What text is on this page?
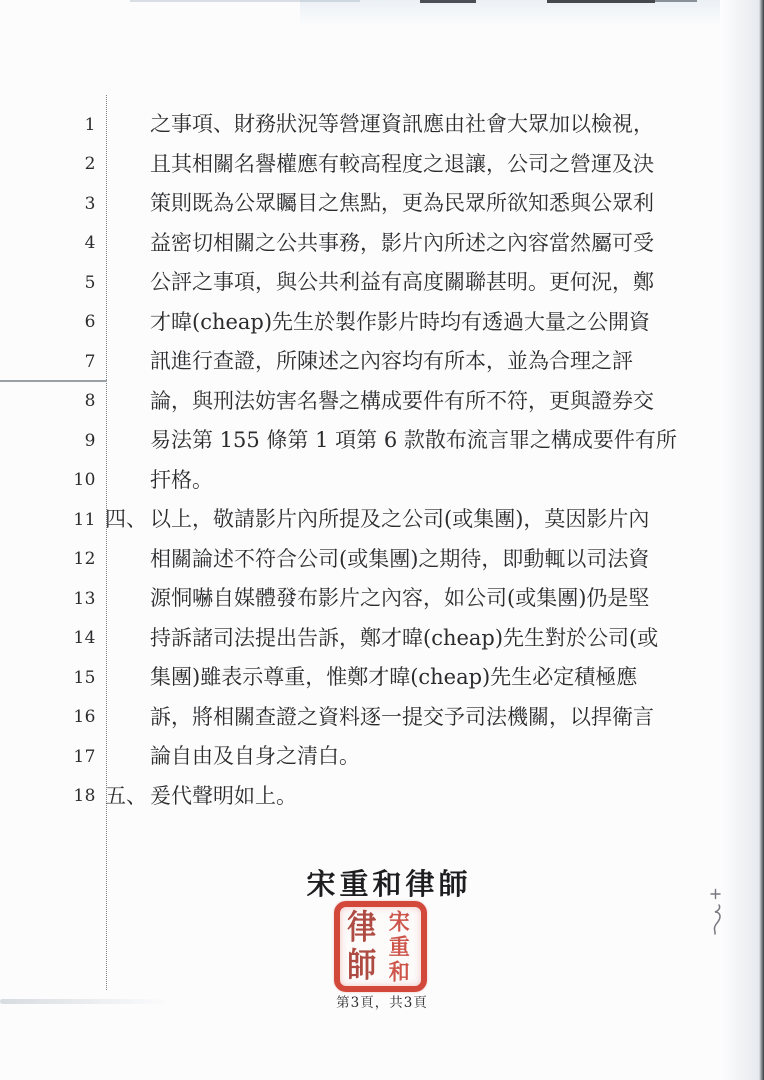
1	之事項、財務狀況等營運資訊應由社會大眾加以檢視，
2	且其相關名譽權應有較高程度之退讓，公司之營運及決
3	策則既為公眾矚目之焦點，更為民眾所欲知悉與公眾利
4	益密切相關之公共事務，影片內所述之內容當然屬可受
5	公評之事項，與公共利益有高度關聯甚明。更何況，鄭
6	才暐(cheap)先生於製作影片時均有透過大量之公開資
7	訊進行查證，所陳述之內容均有所本，並為合理之評
8	論，與刑法妨害名譽之構成要件有所不符，更與證券交
9	易法第 155 條第 1 項第 6 款散布流言罪之構成要件有所
10	扞格。
11 四、 以上，敬請影片內所提及之公司(或集團)，莫因影片內
12	相關論述不符合公司(或集團)之期待，即動輒以司法資
13	源恫嚇自媒體發布影片之內容，如公司(或集團)仍是堅
14	持訴諸司法提出告訴，鄭才暐(cheap)先生對於公司(或
15	集團)雖表示尊重，惟鄭才暐(cheap)先生必定積極應
16	訴，將相關查證之資料逐一提交予司法機關，以捍衛言
17	論自由及自身之清白。
18 五、 爰代聲明如上。
宋重和律師
律
師
宋
重
和
第3頁，共3頁
